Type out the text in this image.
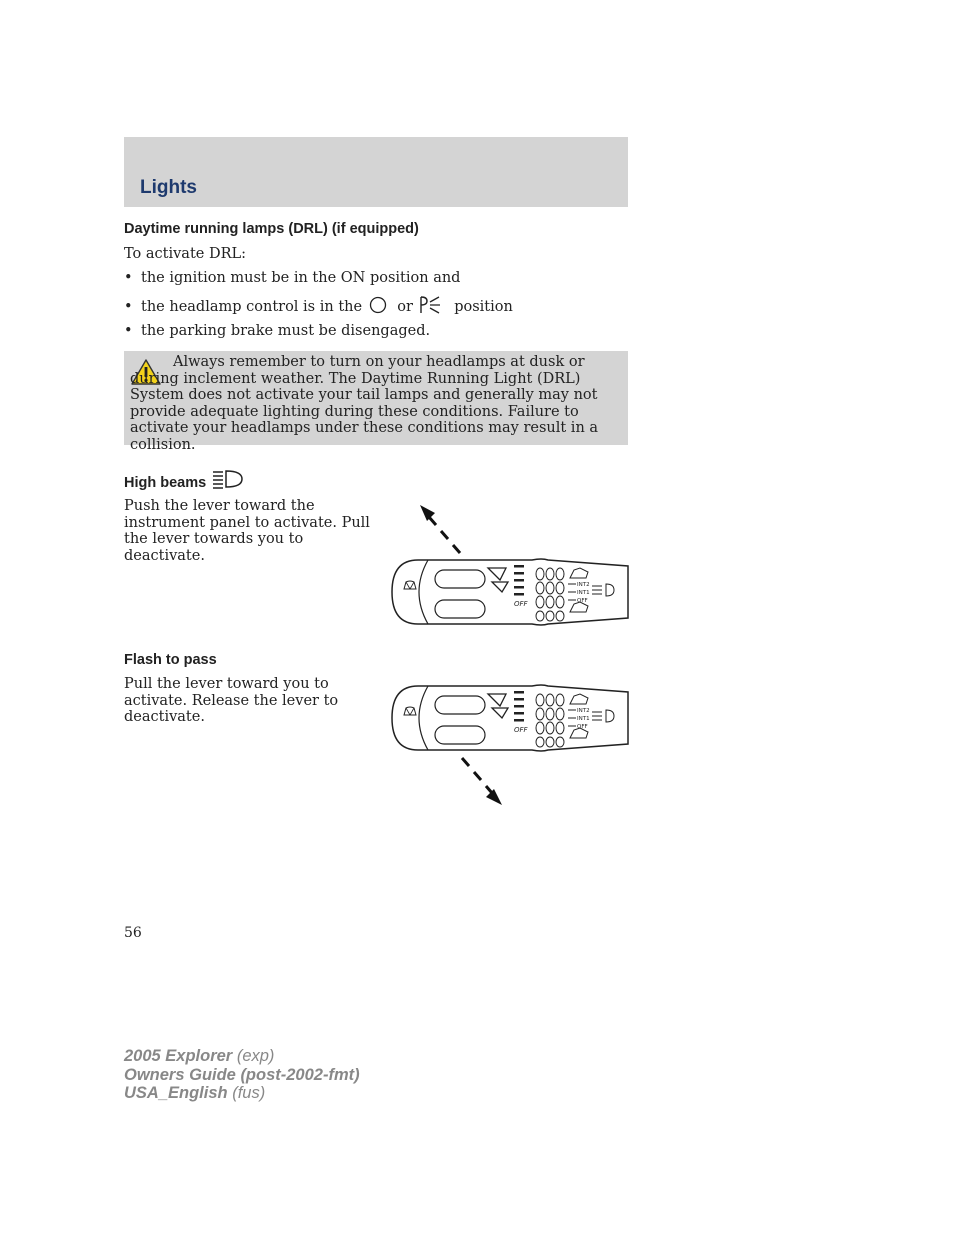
Lights
Daytime running lamps (DRL) (if equipped)
To activate DRL:
• the ignition must be in the ON position and
• the headlamp control is in the or	position
• the parking brake must be disengaged.
Always remember to turn on your headlamps at dusk or during inclement weather. The Daytime Running Light (DRL) System does not activate your tail lamps and generally may not provide adequate lighting during these conditions. Failure to activate your headlamps under these conditions may result in a collision.
High beams
Push the lever toward the instrument panel to activate. Pull the lever towards you to deactivate.
INT2
INT1
OFF
OFF
Flash to pass
Pull the lever toward you to activate. Release the lever to deactivate.	INT2
INT1
OFF
OFF
56
2005 Explorer (exp)
Owners Guide (post-2002-fmt)
USA_English (fus)
